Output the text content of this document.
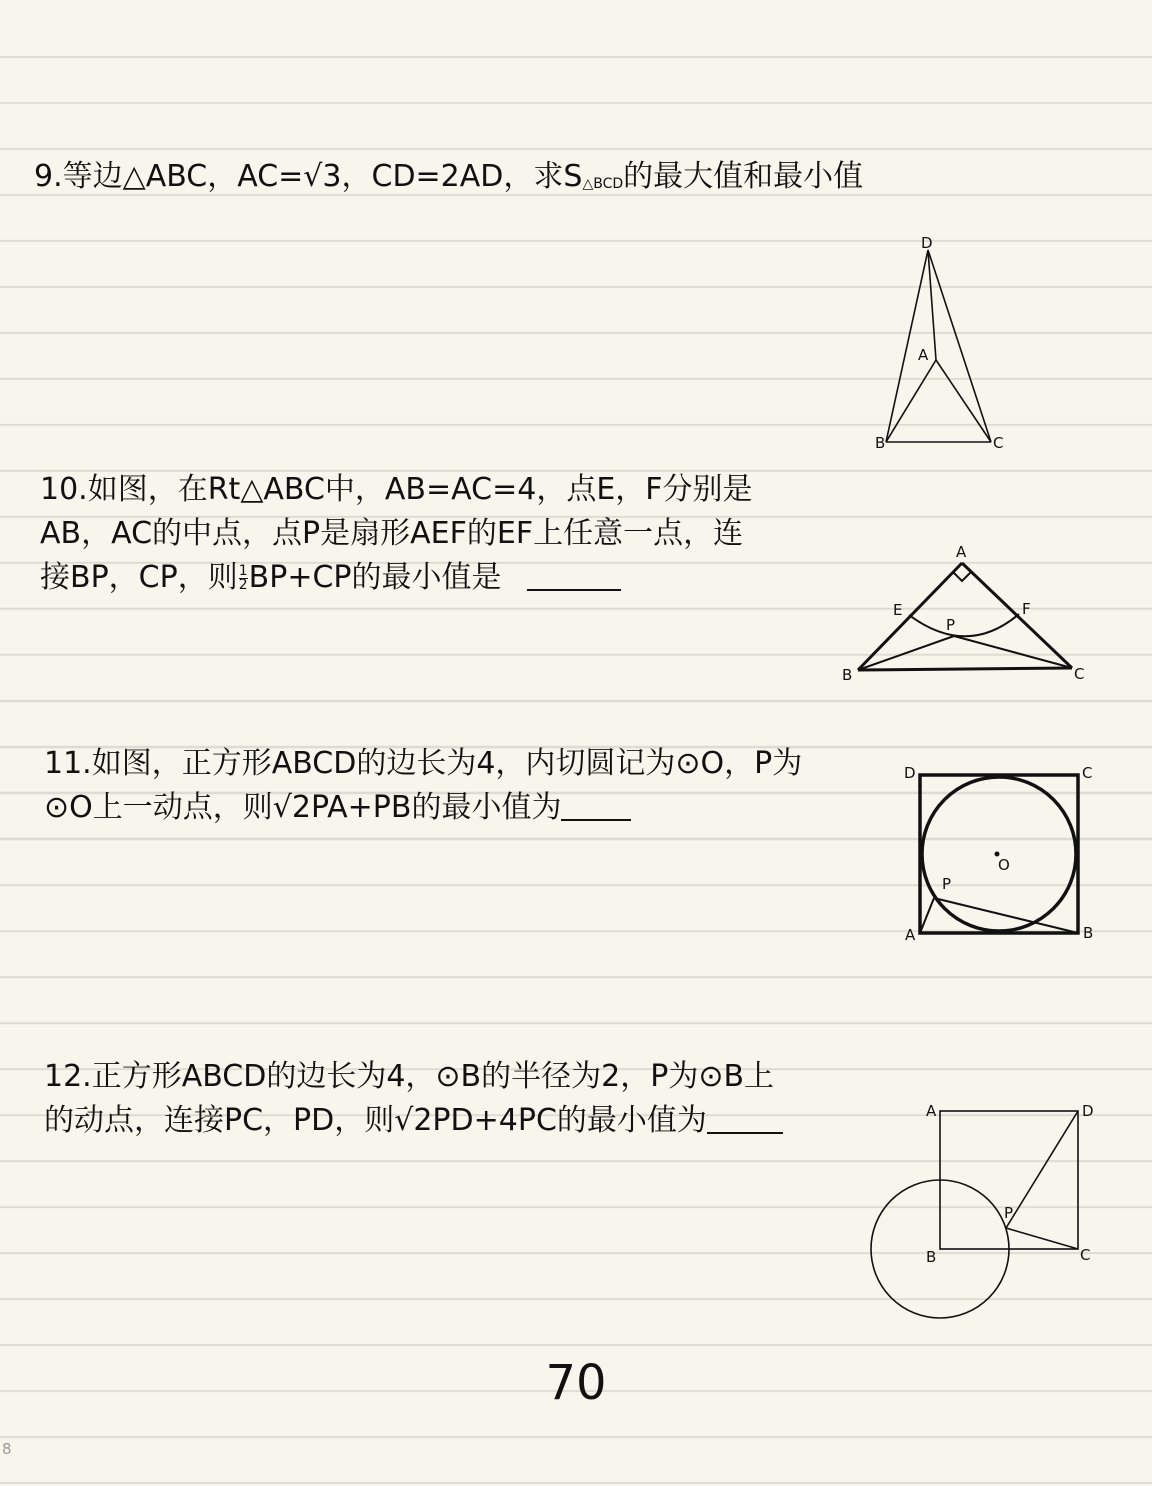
9.等边△ABC，AC=√3，CD=2AD，求S△BCD的最大值和最小值
D
A
B	C
10.如图，在Rt△ABC中，AB=AC=4，点E，F分别是
AB，AC的中点，点P是扇形AEF的EF上任意一点，连
接BP，CP，则 $\frac{1}{2} BP+CP$的最小值是
A
E	F
P
B	C
11.如图，正方形ABCD的边长为4，内切圆记为⊙O，P为
⊙O上一动点，则√2PA+PB的最小值为
D	C
O
P
A	B
12.正方形ABCD的边长为4，⊙B的半径为2，P为⊙B上
的动点，连接PC，PD，则√2PD+4PC的最小值为	A	D
P
B	C
70
8
